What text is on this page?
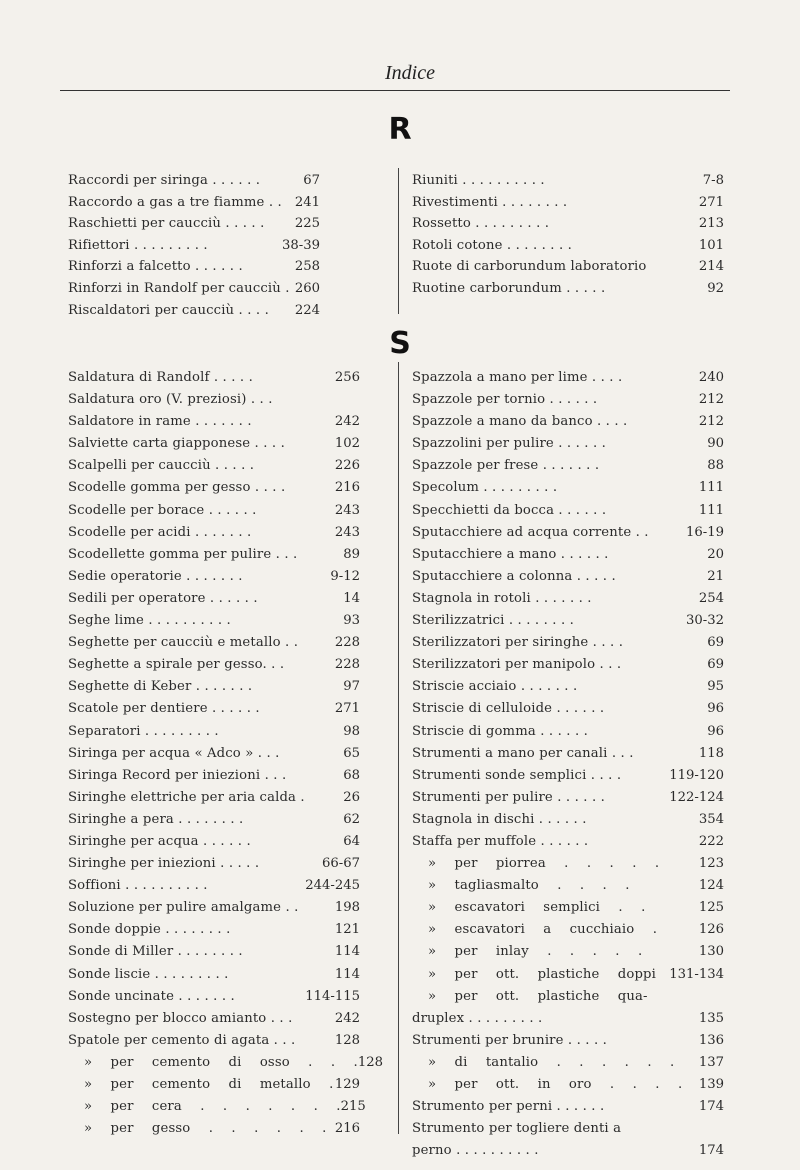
Indice
R
Raccordi per siringa . . . . . .	67
Raccordo a gas a tre fiamme . . 241
Raschietti per caucciù . . . . .	225
Rifiettori . . . . . . . . .	38-39
Rinforzi a falcetto . . . . . .	258
Rinforzi in Randolf per caucciù . 260
Riscaldatori per caucciù . . . .	224
Riuniti . . . . . . . . . .	7-8
Rivestimenti . . . . . . . .	271
Rossetto . . . . . . . . .	213
Rotoli cotone . . . . . . . .	101
Ruote di carborundum laboratorio	214
Ruotine carborundum . . . . .	92
S
Saldatura di Randolf . . . . .	256
Saldatura oro (V. preziosi) . . .
Saldatore in rame . . . . . . .	242
Salviette carta giapponese . . . .	102
Scalpelli per caucciù . . . . .	226
Scodelle gomma per gesso . . . .	216
Scodelle per borace . . . . . .	243
Scodelle per acidi . . . . . . .	243
Scodellette gomma per pulire . . .	89
Sedie operatorie . . . . . . .	9-12
Sedili per operatore . . . . . .	14
Seghe lime . . . . . . . . . .	93
Seghette per caucciù e metallo . .	228
Seghette a spirale per gesso. . .	228
Seghette di Keber . . . . . . .	97
Scatole per dentiere . . . . . .	271
Separatori . . . . . . . . .	98
Siringa per acqua « Adco » . . .	65
Siringa Record per iniezioni . . .	68
Siringhe elettriche per aria calda .	26
Siringhe a pera . . . . . . . .	62
Siringhe per acqua . . . . . .	64
Siringhe per iniezioni . . . . .	66-67
Soffioni . . . . . . . . . .	244-245
Soluzione per pulire amalgame . .	198
Sonde doppie . . . . . . . .	121
Sonde di Miller . . . . . . . .	114
Sonde liscie . . . . . . . . .	114
Sonde uncinate . . . . . . .	114-115
Sostegno per blocco amianto . . .	242
Spatole per cemento di agata . . .	128
» per cemento di osso . . . 128
» per cemento di metallo . 129
» per cera . . . . . . . 215
» per gesso . . . . . . 216
Spazzola a mano per lime . . . .	240
Spazzole per tornio . . . . . .	212
Spazzole a mano da banco . . . .	212
Spazzolini per pulire . . . . . .	90
Spazzole per frese . . . . . . .	88
Specolum . . . . . . . . .	111
Specchietti da bocca . . . . . .	111
Sputacchiere ad acqua corrente . .	16-19
Sputacchiere a mano . . . . . .	20
Sputacchiere a colonna . . . . .	21
Stagnola in rotoli . . . . . . .	254
Sterilizzatrici . . . . . . . .	30-32
Sterilizzatori per siringhe . . . .	69
Sterilizzatori per manipolo . . .	69
Striscie acciaio . . . . . . .	95
Striscie di celluloide . . . . . .	96
Striscie di gomma . . . . . .	96
Strumenti a mano per canali . . .	118
Strumenti sonde semplici . . . .	119-120
Strumenti per pulire . . . . . .	122-124
Stagnola in dischi . . . . . .	354
Staffa per muffole . . . . . .	222
» per piorrea . . . . .	123
» tagliasmalto . . . .	124
» escavatori semplici . .	125
» escavatori a cucchiaio .	126
» per inlay . . . . .	130
» per ott. plastiche doppi 131-134
» per ott. plastiche qua-
druplex . . . . . . . . .	135
Strumenti per brunire . . . . .	136
» di tantalio . . . . . .	137
» per ott. in oro . . . .	139
Strumento per perni . . . . . .	174
Strumento per togliere denti a
perno . . . . . . . . . .	174
